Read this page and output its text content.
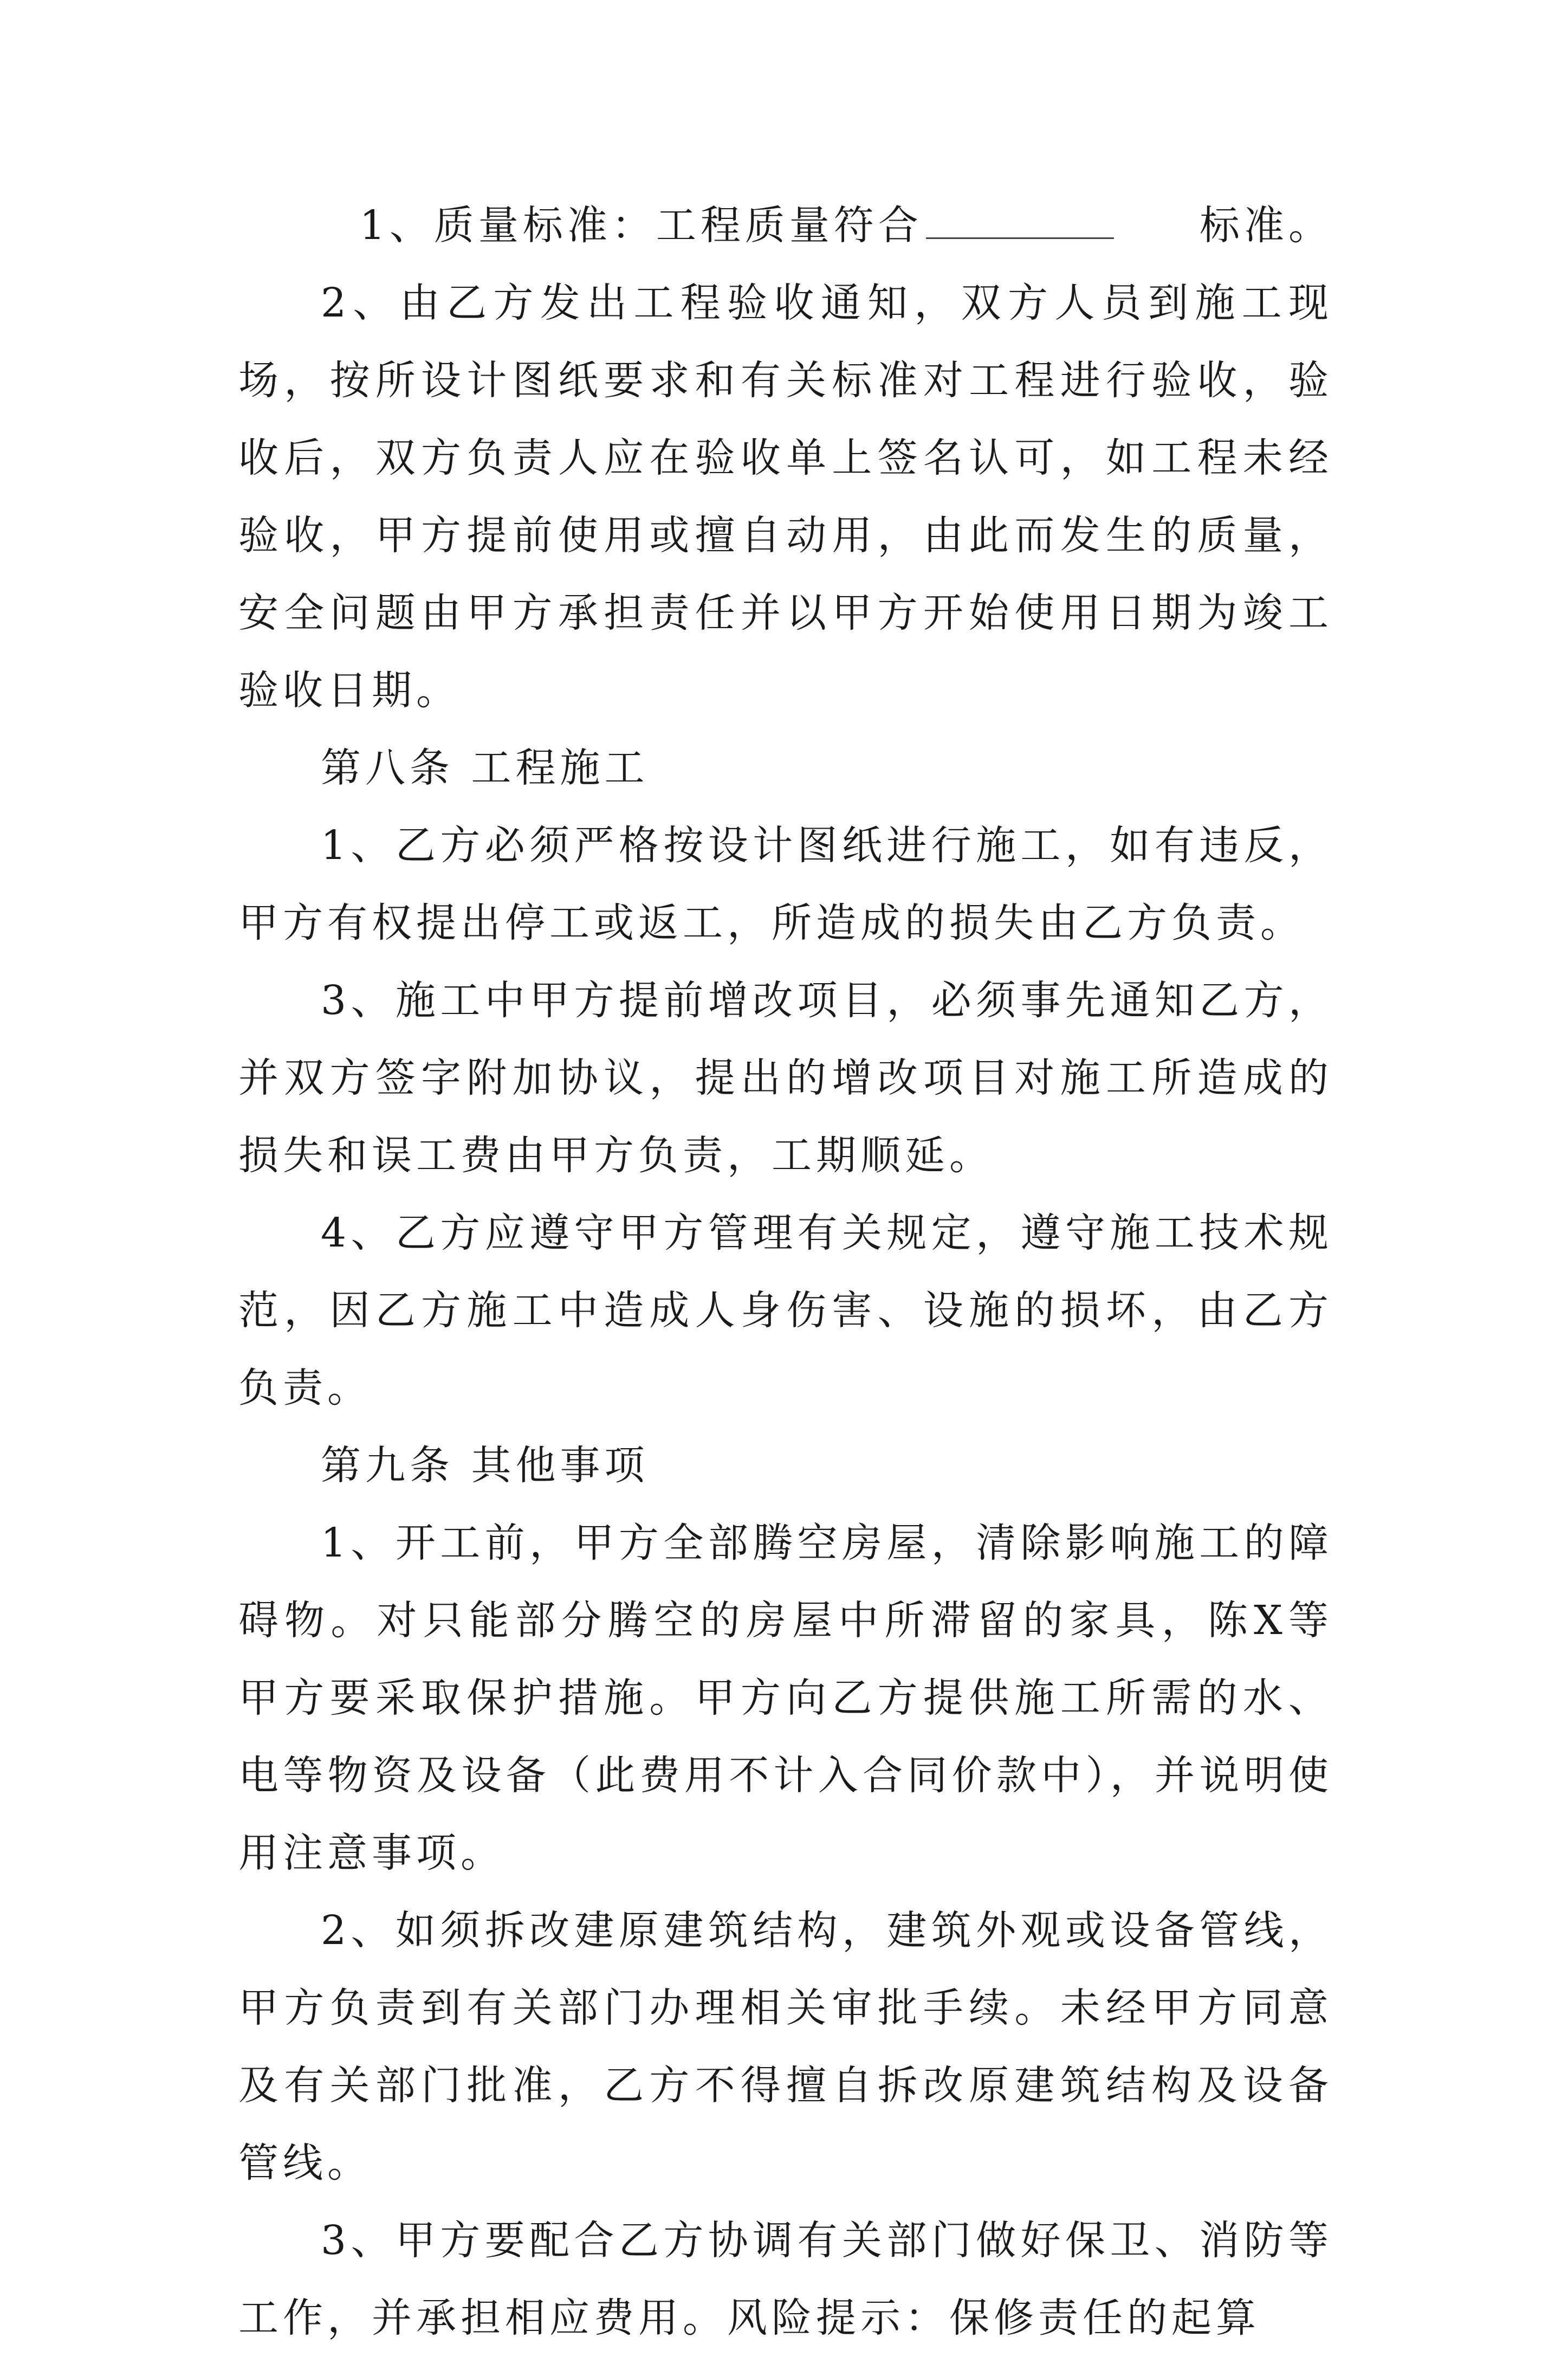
1、质量标准：工程质量符合	标准。

2、由乙方发出工程验收通知，双方人员到施工现场，按所设计图纸要求和有关标准对工程进行验收，验收后，双方负责人应在验收单上签名认可，如工程未经验收，甲方提前使用或擅自动用，由此而发生的质量，安全问题由甲方承担责任并以甲方开始使用日期为竣工验收日期。

第八条 工程施工

1、乙方必须严格按设计图纸进行施工，如有违反，甲方有权提出停工或返工，所造成的损失由乙方负责。

3、施工中甲方提前增改项目，必须事先通知乙方，并双方签字附加协议，提出的增改项目对施工所造成的损失和误工费由甲方负责，工期顺延。

4、乙方应遵守甲方管理有关规定，遵守施工技术规范，因乙方施工中造成人身伤害、设施的损坏，由乙方负责。

第九条 其他事项

1、开工前，甲方全部腾空房屋，清除影响施工的障碍物。对只能部分腾空的房屋中所滞留的家具，陈X等甲方要采取保护措施。甲方向乙方提供施工所需的水、电等物资及设备（此费用不计入合同价款中），并说明使用注意事项。

2、如须拆改建原建筑结构，建筑外观或设备管线，甲方负责到有关部门办理相关审批手续。未经甲方同意及有关部门批准，乙方不得擅自拆改原建筑结构及设备管线。

3、甲方要配合乙方协调有关部门做好保卫、消防等工作，并承担相应费用。风险提示：保修责任的起算
